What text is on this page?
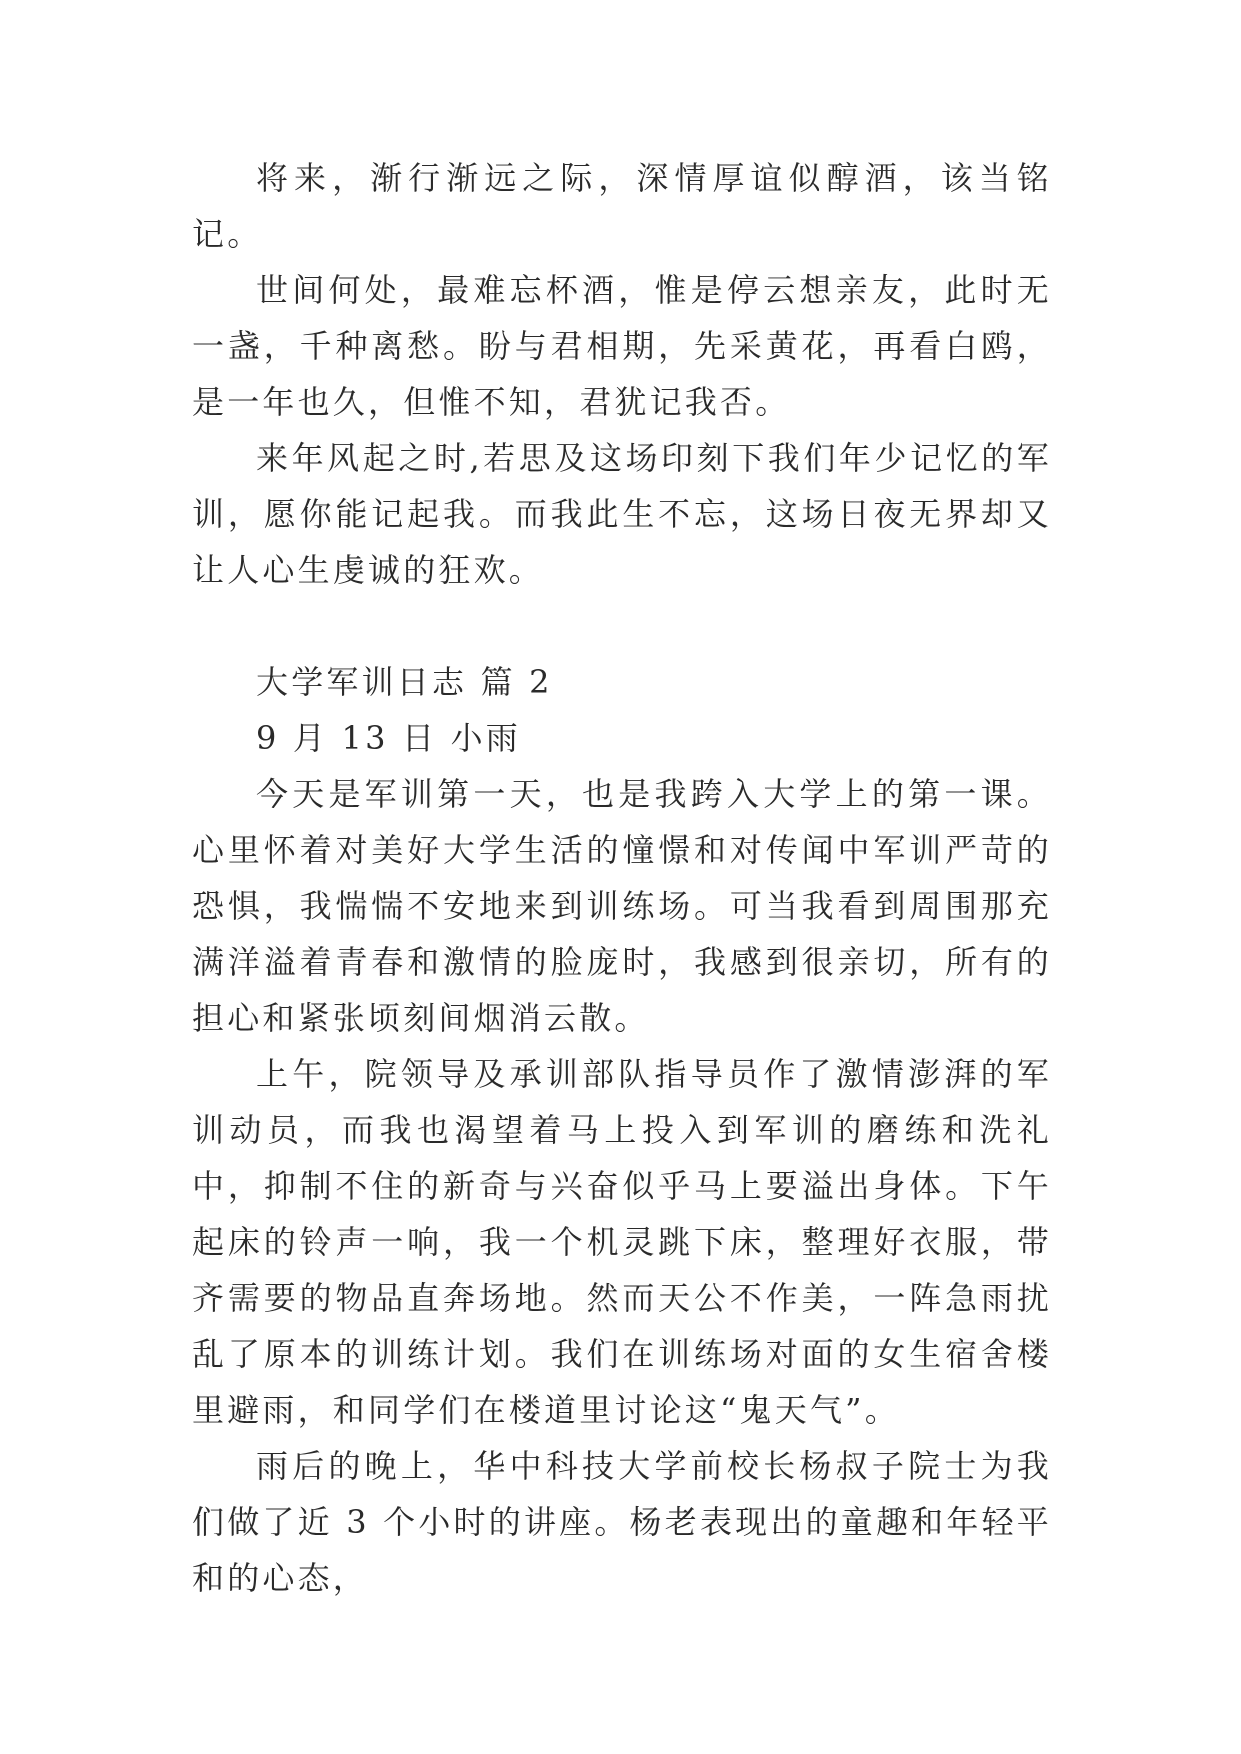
将来，渐行渐远之际，深情厚谊似醇酒，该当铭记。

世间何处，最难忘杯酒，惟是停云想亲友，此时无一盏，千种离愁。盼与君相期，先采黄花，再看白鸥，是一年也久，但惟不知，君犹记我否。

来年风起之时,若思及这场印刻下我们年少记忆的军训，愿你能记起我。而我此生不忘，这场日夜无界却又让人心生虔诚的狂欢。

大学军训日志 篇 2

9 月 13 日 小雨

今天是军训第一天，也是我跨入大学上的第一课。心里怀着对美好大学生活的憧憬和对传闻中军训严苛的恐惧，我惴惴不安地来到训练场。可当我看到周围那充满洋溢着青春和激情的脸庞时，我感到很亲切，所有的担心和紧张顷刻间烟消云散。

上午，院领导及承训部队指导员作了激情澎湃的军训动员，而我也渴望着马上投入到军训的磨练和洗礼中，抑制不住的新奇与兴奋似乎马上要溢出身体。下午起床的铃声一响，我一个机灵跳下床，整理好衣服，带齐需要的物品直奔场地。然而天公不作美，一阵急雨扰乱了原本的训练计划。我们在训练场对面的女生宿舍楼里避雨，和同学们在楼道里讨论这“鬼天气”。

雨后的晚上，华中科技大学前校长杨叔子院士为我们做了近 3 个小时的讲座。杨老表现出的童趣和年轻平和的心态，
